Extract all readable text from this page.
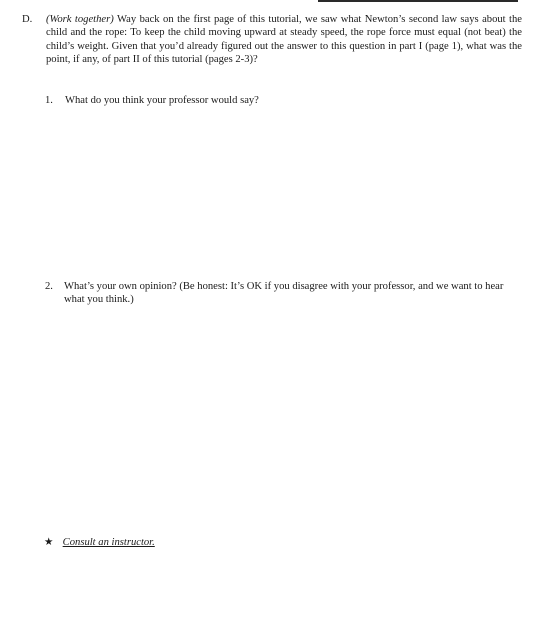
D. (Work together) Way back on the first page of this tutorial, we saw what Newton’s second law says about the child and the rope: To keep the child moving upward at steady speed, the rope force must equal (not beat) the child’s weight. Given that you’d already figured out the answer to this question in part I (page 1), what was the point, if any, of part II of this tutorial (pages 2-3)?
1. What do you think your professor would say?
2. What’s your own opinion? (Be honest: It’s OK if you disagree with your professor, and we want to hear what you think.)
★ Consult an instructor.
